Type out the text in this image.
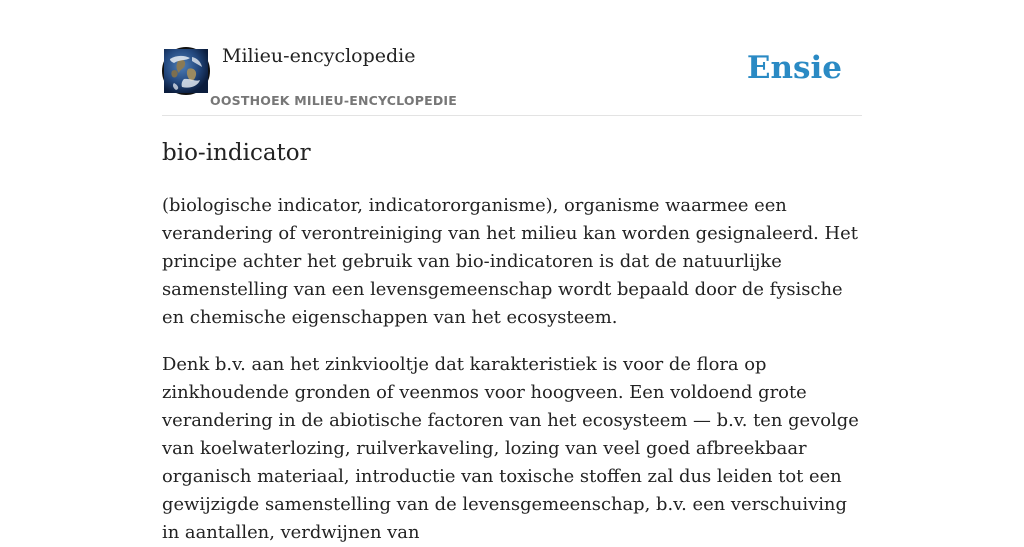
Milieu-encyclopedie
OOSTHOEK MILIEU-ENCYCLOPEDIE
Ensie
bio-indicator

(biologische indicator, indicatororganisme), organisme waarmee een verandering of verontreiniging van het milieu kan worden gesignaleerd. Het principe achter het gebruik van bio-indicatoren is dat de natuurlijke samenstelling van een levensgemeenschap wordt bepaald door de fysische en chemische eigenschappen van het ecosysteem.

Denk b.v. aan het zinkviooltje dat karakteristiek is voor de flora op zinkhoudende gronden of veenmos voor hoogveen. Een voldoend grote verandering in de abiotische factoren van het ecosysteem — b.v. ten gevolge van koelwaterlozing, ruilverkaveling, lozing van veel goed afbreekbaar organisch materiaal, introductie van toxische stoffen zal dus leiden tot een gewijzigde samenstelling van de levensgemeenschap, b.v. een verschuiving in aantallen, verdwijnen van
